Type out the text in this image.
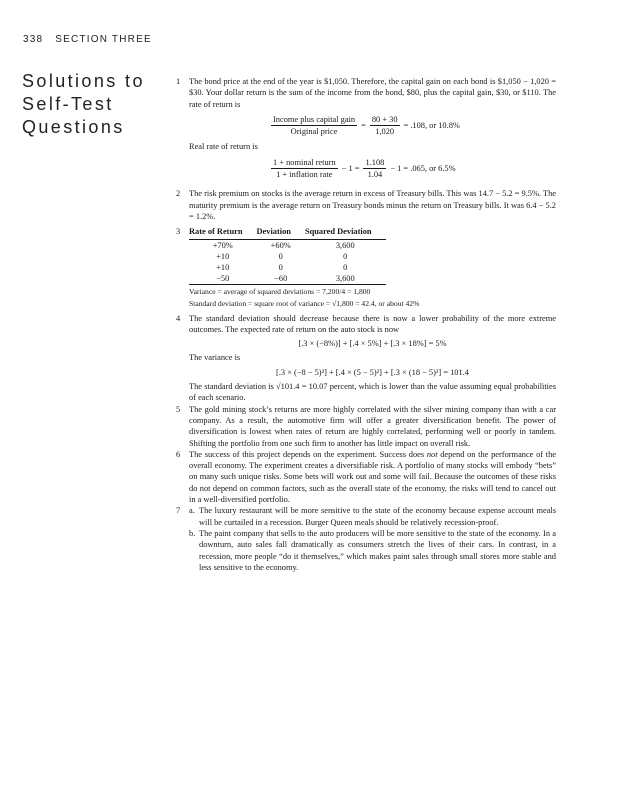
338 SECTION THREE
Solutions to Self-Test Questions
1 The bond price at the end of the year is $1,050. Therefore, the capital gain on each bond is $1,050 − 1,020 = $30. Your dollar return is the sum of the income from the bond, $80, plus the capital gain, $30, or $110. The rate of return is

$\frac{\text{Income plus capital gain}}{\text{Original price}} = \frac{80 + 30}{1,020} = .108$, or 10.8%

Real rate of return is

$\frac{\text{1 + nominal return}}{\text{1 + inflation rate}} - 1 = \frac{1.108}{1.04} - 1 = .065$, or 6.5%
2 The risk premium on stocks is the average return in excess of Treasury bills. This was 14.7 − 5.2 = 9.5%. The maturity premium is the average return on Treasury bonds minus the return on Treasury bills. It was 6.4 − 5.2 = 1.2%.

3 Rate of Return	Deviation	Squared Deviation
+70%	+60%	3,600
+10	0	0
+10	0	0
−50	−60	3,600
Variance = average of squared deviations = 7,200/4 = 1,800
Standard deviation = square root of variance = √1,800 = 42.4, or about 42%
4 The standard deviation should decrease because there is now a lower probability of the more extreme outcomes. The expected rate of return on the auto stock is now

[.3 × (−8%)] + [.4 × 5%] + [.3 × 18%] = 5%

The variance is

[.3 × (−8 − 5)²] + [.4 × (5 − 5)²] + [.3 × (18 − 5)²] = 101.4

The standard deviation is √101.4 = 10.07 percent, which is lower than the value assuming equal probabilities of each scenario.

5 The gold mining stock’s returns are more highly correlated with the silver mining company than with a car company. As a result, the automotive firm will offer a greater diversification benefit. The power of diversification is lowest when rates of return are highly correlated, performing well or poorly in tandem. Shifting the portfolio from one such firm to another has little impact on overall risk.

6 The success of this project depends on the experiment. Success does not depend on the performance of the overall economy. The experiment creates a diversifiable risk. A portfolio of many stocks will embody “bets” on many such unique risks. Some bets will work out and some will fail. Because the outcomes of these risks do not depend on common factors, such as the overall state of the economy, the risks will tend to cancel out in a well-diversified portfolio.

7 a. The luxury restaurant will be more sensitive to the state of the economy because expense account meals will be curtailed in a recession. Burger Queen meals should be relatively recession-proof.

b. The paint company that sells to the auto producers will be more sensitive to the state of the economy. In a downturn, auto sales fall dramatically as consumers stretch the lives of their cars. In contrast, in a recession, more people “do it themselves,” which makes paint sales through small stores more stable and less sensitive to the economy.
